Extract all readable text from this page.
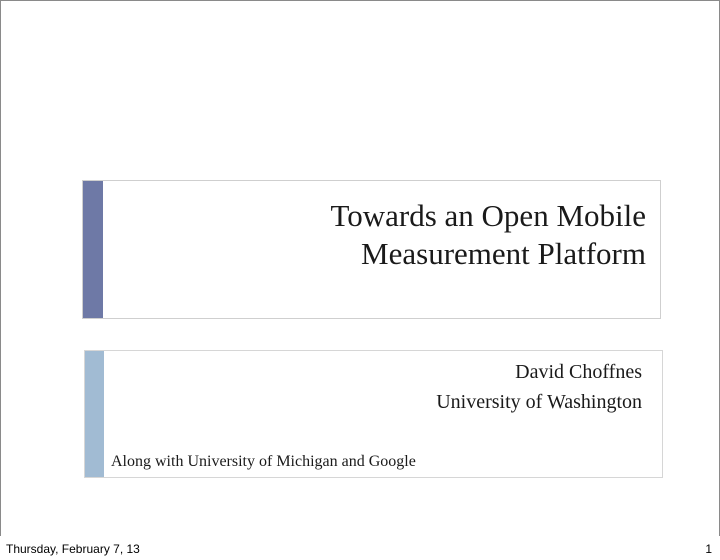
Towards an Open Mobile
Measurement Platform
David Choffnes
University of Washington
Along with University of Michigan and Google
Thursday, February 7, 13	1
